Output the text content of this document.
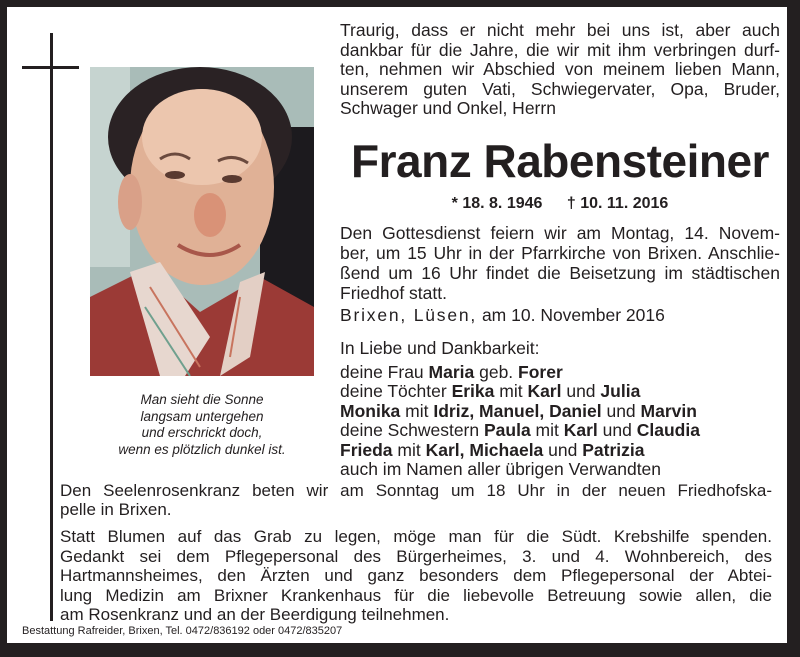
Man sieht die Sonne
langsam untergehen
und erschrickt doch,
wenn es plötzlich dunkel ist.
Traurig, dass er nicht mehr bei uns ist, aber auch
dankbar für die Jahre, die wir mit ihm verbringen durf-
ten, nehmen wir Abschied von meinem lieben Mann,
unserem guten Vati, Schwiegervater, Opa, Bruder,
Schwager und Onkel, Herrn
Franz Rabensteiner
* 18. 8. 1946 † 10. 11. 2016
Den Gottesdienst feiern wir am Montag, 14. Novem-
ber, um 15 Uhr in der Pfarrkirche von Brixen. Anschlie-
ßend um 16 Uhr findet die Beisetzung im städtischen
Friedhof statt.
Brixen, Lüsen, am 10. November 2016
In Liebe und Dankbarkeit:
deine Frau Maria geb. Forer
deine Töchter Erika mit Karl und Julia
Monika mit Idriz, Manuel, Daniel und Marvin
deine Schwestern Paula mit Karl und Claudia
Frieda mit Karl, Michaela und Patrizia
auch im Namen aller übrigen Verwandten
Den Seelenrosenkranz beten wir am Sonntag um 18 Uhr in der neuen Friedhofska-
pelle in Brixen.
Statt Blumen auf das Grab zu legen, möge man für die Südt. Krebshilfe spenden.
Gedankt sei dem Pflegepersonal des Bürgerheimes, 3. und 4. Wohnbereich, des
Hartmannsheimes, den Ärzten und ganz besonders dem Pflegepersonal der Abtei-
lung Medizin am Brixner Krankenhaus für die liebevolle Betreuung sowie allen, die
am Rosenkranz und an der Beerdigung teilnehmen.
Bestattung Rafreider, Brixen, Tel. 0472/836192 oder 0472/835207
